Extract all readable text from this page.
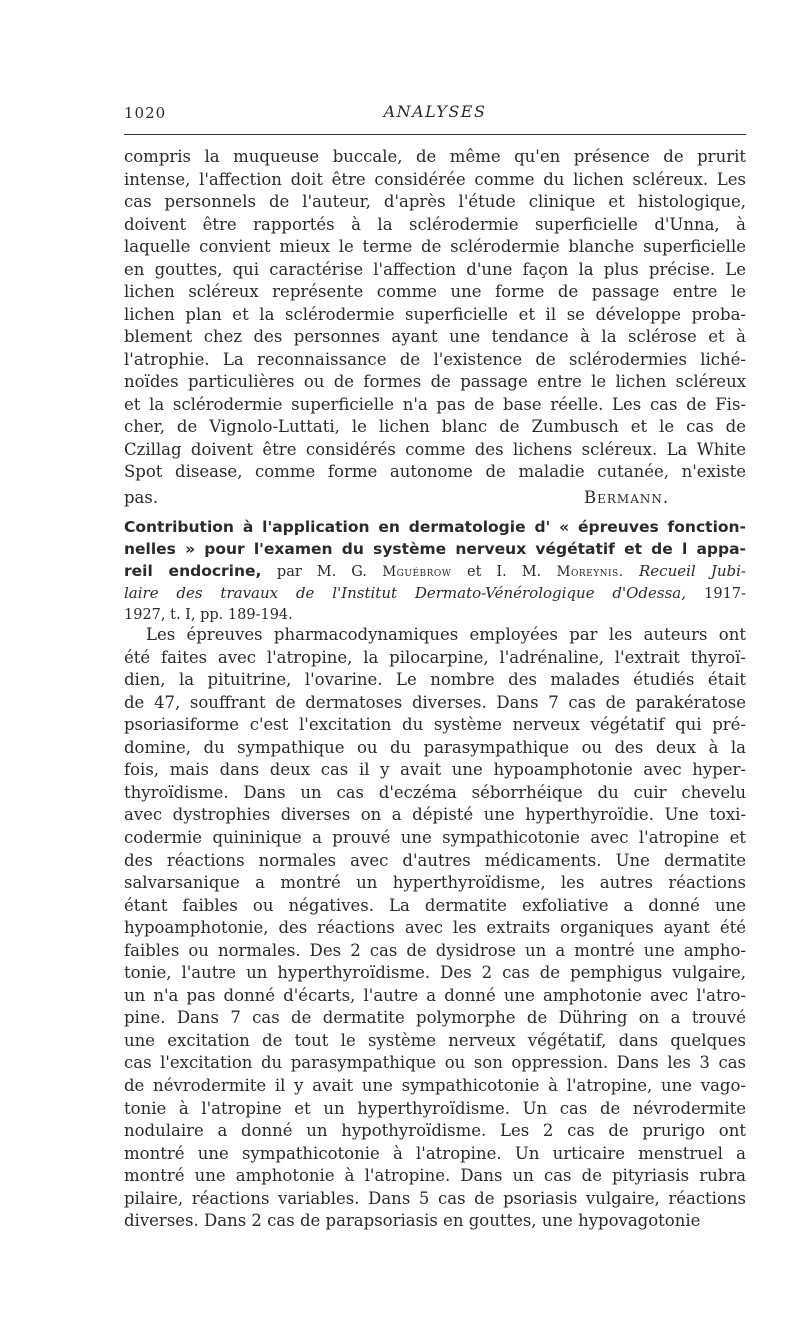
1020	ANALYSES
compris la muqueuse buccale, de même qu'en présence de prurit
intense, l'affection doit être considérée comme du lichen scléreux. Les
cas personnels de l'auteur, d'après l'étude clinique et histologique,
doivent être rapportés à la sclérodermie superficielle d'Unna, à
laquelle convient mieux le terme de sclérodermie blanche superficielle
en gouttes, qui caractérise l'affection d'une façon la plus précise. Le
lichen scléreux représente comme une forme de passage entre le
lichen plan et la sclérodermie superficielle et il se développe proba-
blement chez des personnes ayant une tendance à la sclérose et à
l'atrophie. La reconnaissance de l'existence de sclérodermies liché-
noïdes particulières ou de formes de passage entre le lichen scléreux
et la sclérodermie superficielle n'a pas de base réelle. Les cas de Fis-
cher, de Vignolo-Luttati, le lichen blanc de Zumbusch et le cas de
Czillag doivent être considérés comme des lichens scléreux. La White
Spot disease, comme forme autonome de maladie cutanée, n'existe
pas.	Bermann.
Contribution à l'application en dermatologie d' « épreuves fonction-
nelles » pour l'examen du système nerveux végétatif et de l appa-
reil endocrine, par M. G. Mguébrow et I. M. Moreynis. Recueil Jubi-
laire des travaux de l'Institut Dermato-Vénérologique d'Odessa, 1917-
1927, t. I, pp. 189-194.
Les épreuves pharmacodynamiques employées par les auteurs ont
été faites avec l'atropine, la pilocarpine, l'adrénaline, l'extrait thyroï-
dien, la pituitrine, l'ovarine. Le nombre des malades étudiés était
de 47, souffrant de dermatoses diverses. Dans 7 cas de parakératose
psoriasiforme c'est l'excitation du système nerveux végétatif qui pré-
domine, du sympathique ou du parasympathique ou des deux à la
fois, mais dans deux cas il y avait une hypoamphotonie avec hyper-
thyroïdisme. Dans un cas d'eczéma séborrhéique du cuir chevelu
avec dystrophies diverses on a dépisté une hyperthyroïdie. Une toxi-
codermie quininique a prouvé une sympathicotonie avec l'atropine et
des réactions normales avec d'autres médicaments. Une dermatite
salvarsanique a montré un hyperthyroïdisme, les autres réactions
étant faibles ou négatives. La dermatite exfoliative a donné une
hypoamphotonie, des réactions avec les extraits organiques ayant été
faibles ou normales. Des 2 cas de dysidrose un a montré une ampho-
tonie, l'autre un hyperthyroïdisme. Des 2 cas de pemphigus vulgaire,
un n'a pas donné d'écarts, l'autre a donné une amphotonie avec l'atro-
pine. Dans 7 cas de dermatite polymorphe de Dühring on a trouvé
une excitation de tout le système nerveux végétatif, dans quelques
cas l'excitation du parasympathique ou son oppression. Dans les 3 cas
de névrodermite il y avait une sympathicotonie à l'atropine, une vago-
tonie à l'atropine et un hyperthyroïdisme. Un cas de névrodermite
nodulaire a donné un hypothyroïdisme. Les 2 cas de prurigo ont
montré une sympathicotonie à l'atropine. Un urticaire menstruel a
montré une amphotonie à l'atropine. Dans un cas de pityriasis rubra
pilaire, réactions variables. Dans 5 cas de psoriasis vulgaire, réactions
diverses. Dans 2 cas de parapsoriasis en gouttes, une hypovagotonie
